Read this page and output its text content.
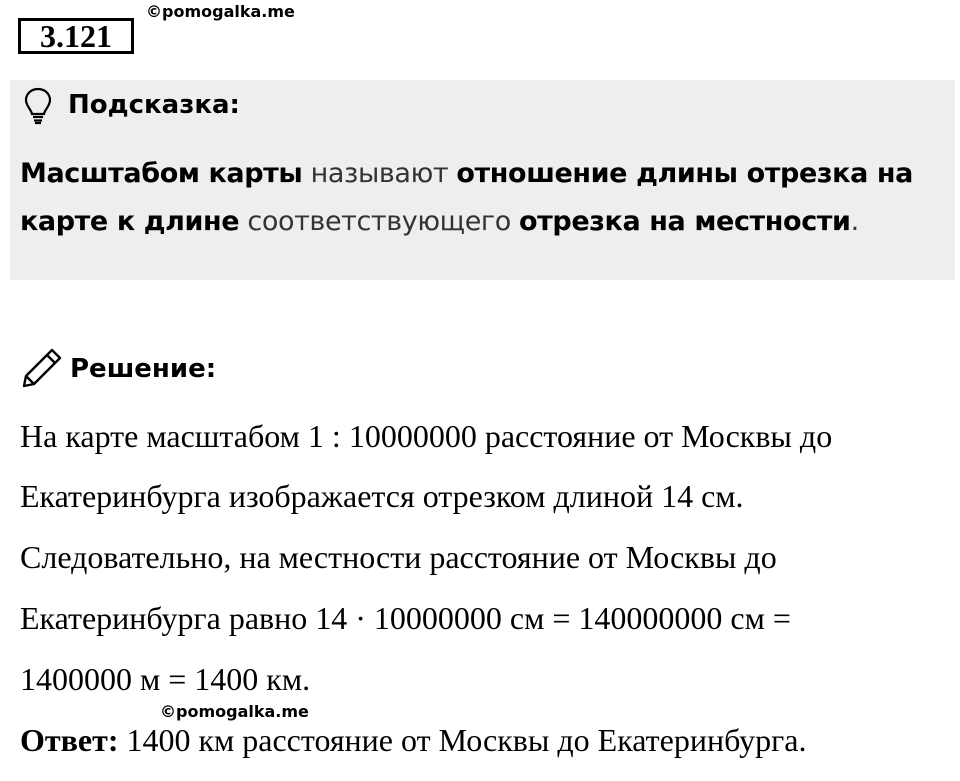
3.121
©pomogalka.me
Подсказка:
Масштабом карты называют отношение длины отрезка на карте к длине соответствующего отрезка на местности.
Решение:
На карте масштабом 1 : 10000000 расстояние от Москвы до
Екатеринбурга изображается отрезком длиной 14 см.
Следовательно, на местности расстояние от Москвы до
Екатеринбурга равно 14 · 10000000 см = 140000000 см =
1400000 м = 1400 км.
©pomogalka.me
Ответ: 1400 км расстояние от Москвы до Екатеринбурга.
